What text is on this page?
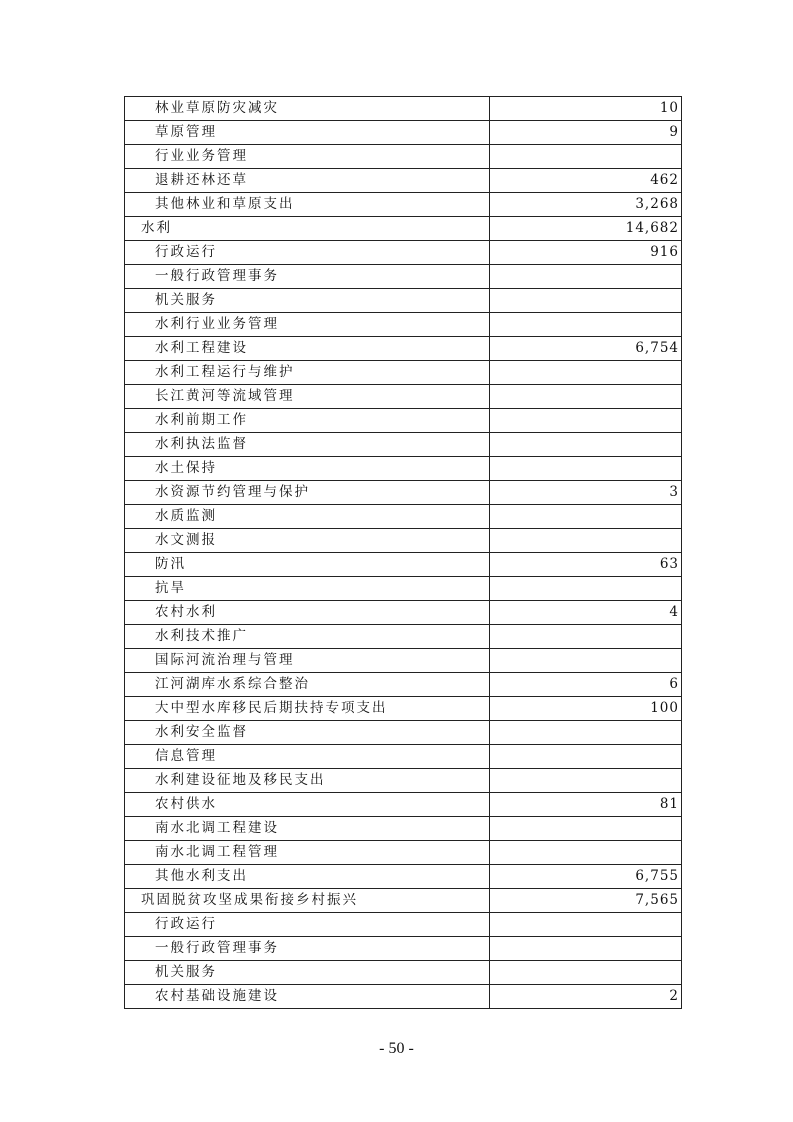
林业草原防灾减灾	10
草原管理	9
行业业务管理	
退耕还林还草	462
其他林业和草原支出	3,268
水利	14,682
行政运行	916
一般行政管理事务	
机关服务	
水利行业业务管理	
水利工程建设	6,754
水利工程运行与维护	
长江黄河等流域管理	
水利前期工作	
水利执法监督	
水土保持	
水资源节约管理与保护	3
水质监测	
水文测报	
防汛	63
抗旱	
农村水利	4
水利技术推广	
国际河流治理与管理	
江河湖库水系综合整治	6
大中型水库移民后期扶持专项支出	100
水利安全监督	
信息管理	
水利建设征地及移民支出	
农村供水	81
南水北调工程建设	
南水北调工程管理	
其他水利支出	6,755
巩固脱贫攻坚成果衔接乡村振兴	7,565
行政运行	
一般行政管理事务	
机关服务	
农村基础设施建设	2
- 50 -
